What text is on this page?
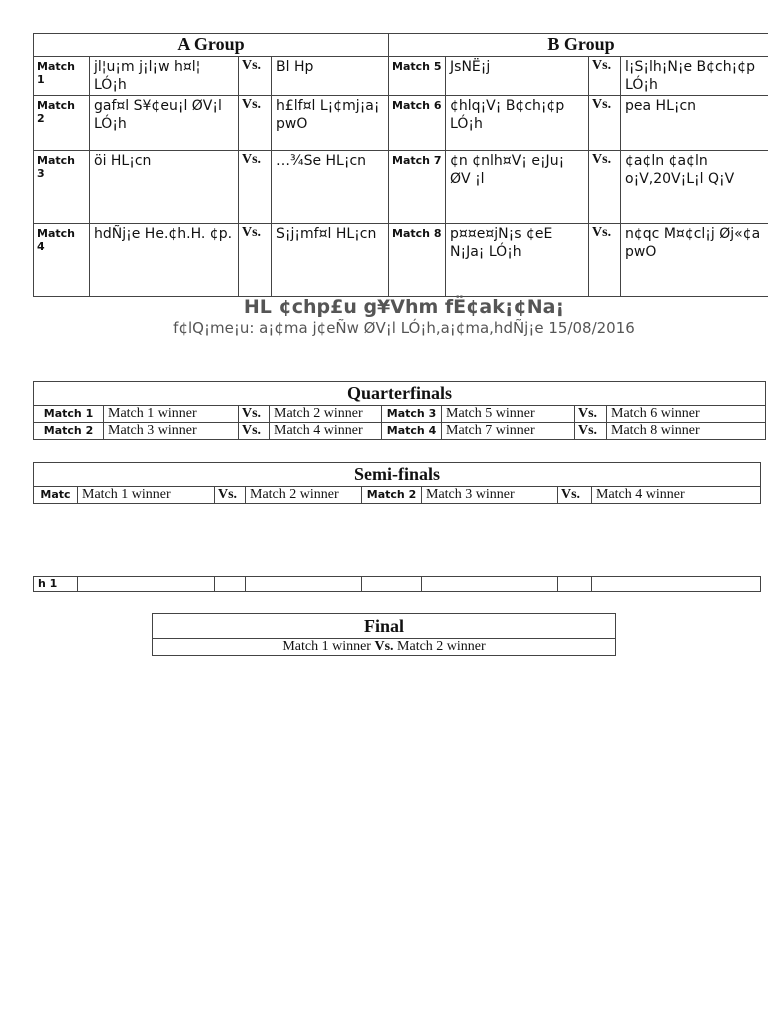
A Group				B Group			
Match 1	jl¦u¡m j¡l¡w h¤l¦ LÓ¡h	Vs.	Bl Hp	Match 5	JsNË¡j	Vs.	l¡S¡lh¡N¡e B¢ch¡¢p LÓ¡h
Match 2	gaf¤l S¥¢eu¡l ØV¡l LÓ¡h	Vs.	h£lf¤l L¡¢mj¡a¡ pwO	Match 6	¢hlq¡V¡ B¢ch¡¢p LÓ¡h	Vs.	pea HL¡cn
Match 3	öi HL¡cn	Vs.	…¾Se HL¡cn	Match 7	¢n ¢nlh¤V¡ e¡Ju¡ ØV ¡l	Vs.	¢a¢ln ¢a¢ln o¡V,20V¡L¡l Q¡V
Match 4	hdÑj¡e He.¢h.H. ¢p.	Vs.	S¡j¡mf¤l HL¡cn	Match 8	p¤¤e¤jN¡s ¢eE N¡Ja¡ LÓ¡h	Vs.	n¢qc M¤¢cl¡j Øj«¢a pwO
HL ¢chp£u g¥Vhm fË¢ak¡¢Na¡
f¢lQ¡me¡u: a¡¢ma j¢eÑw ØV¡l LÓ¡h,a¡¢ma,hdÑj¡e 15/08/2016
Quarterfinals							
Match 1	Match 1 winner	Vs.	Match 2 winner	Match 3	Match 5 winner	Vs.	Match 6 winner
Match 2	Match 3 winner	Vs.	Match 4 winner	Match 4	Match 7 winner	Vs.	Match 8 winner
Semi-finals
Matc	Match 1 winner	Vs.	Match 2 winner	Match 2	Match 3 winner	Vs.	Match 4 winner
h 1							
Final
Match 1 winner Vs. Match 2 winner
